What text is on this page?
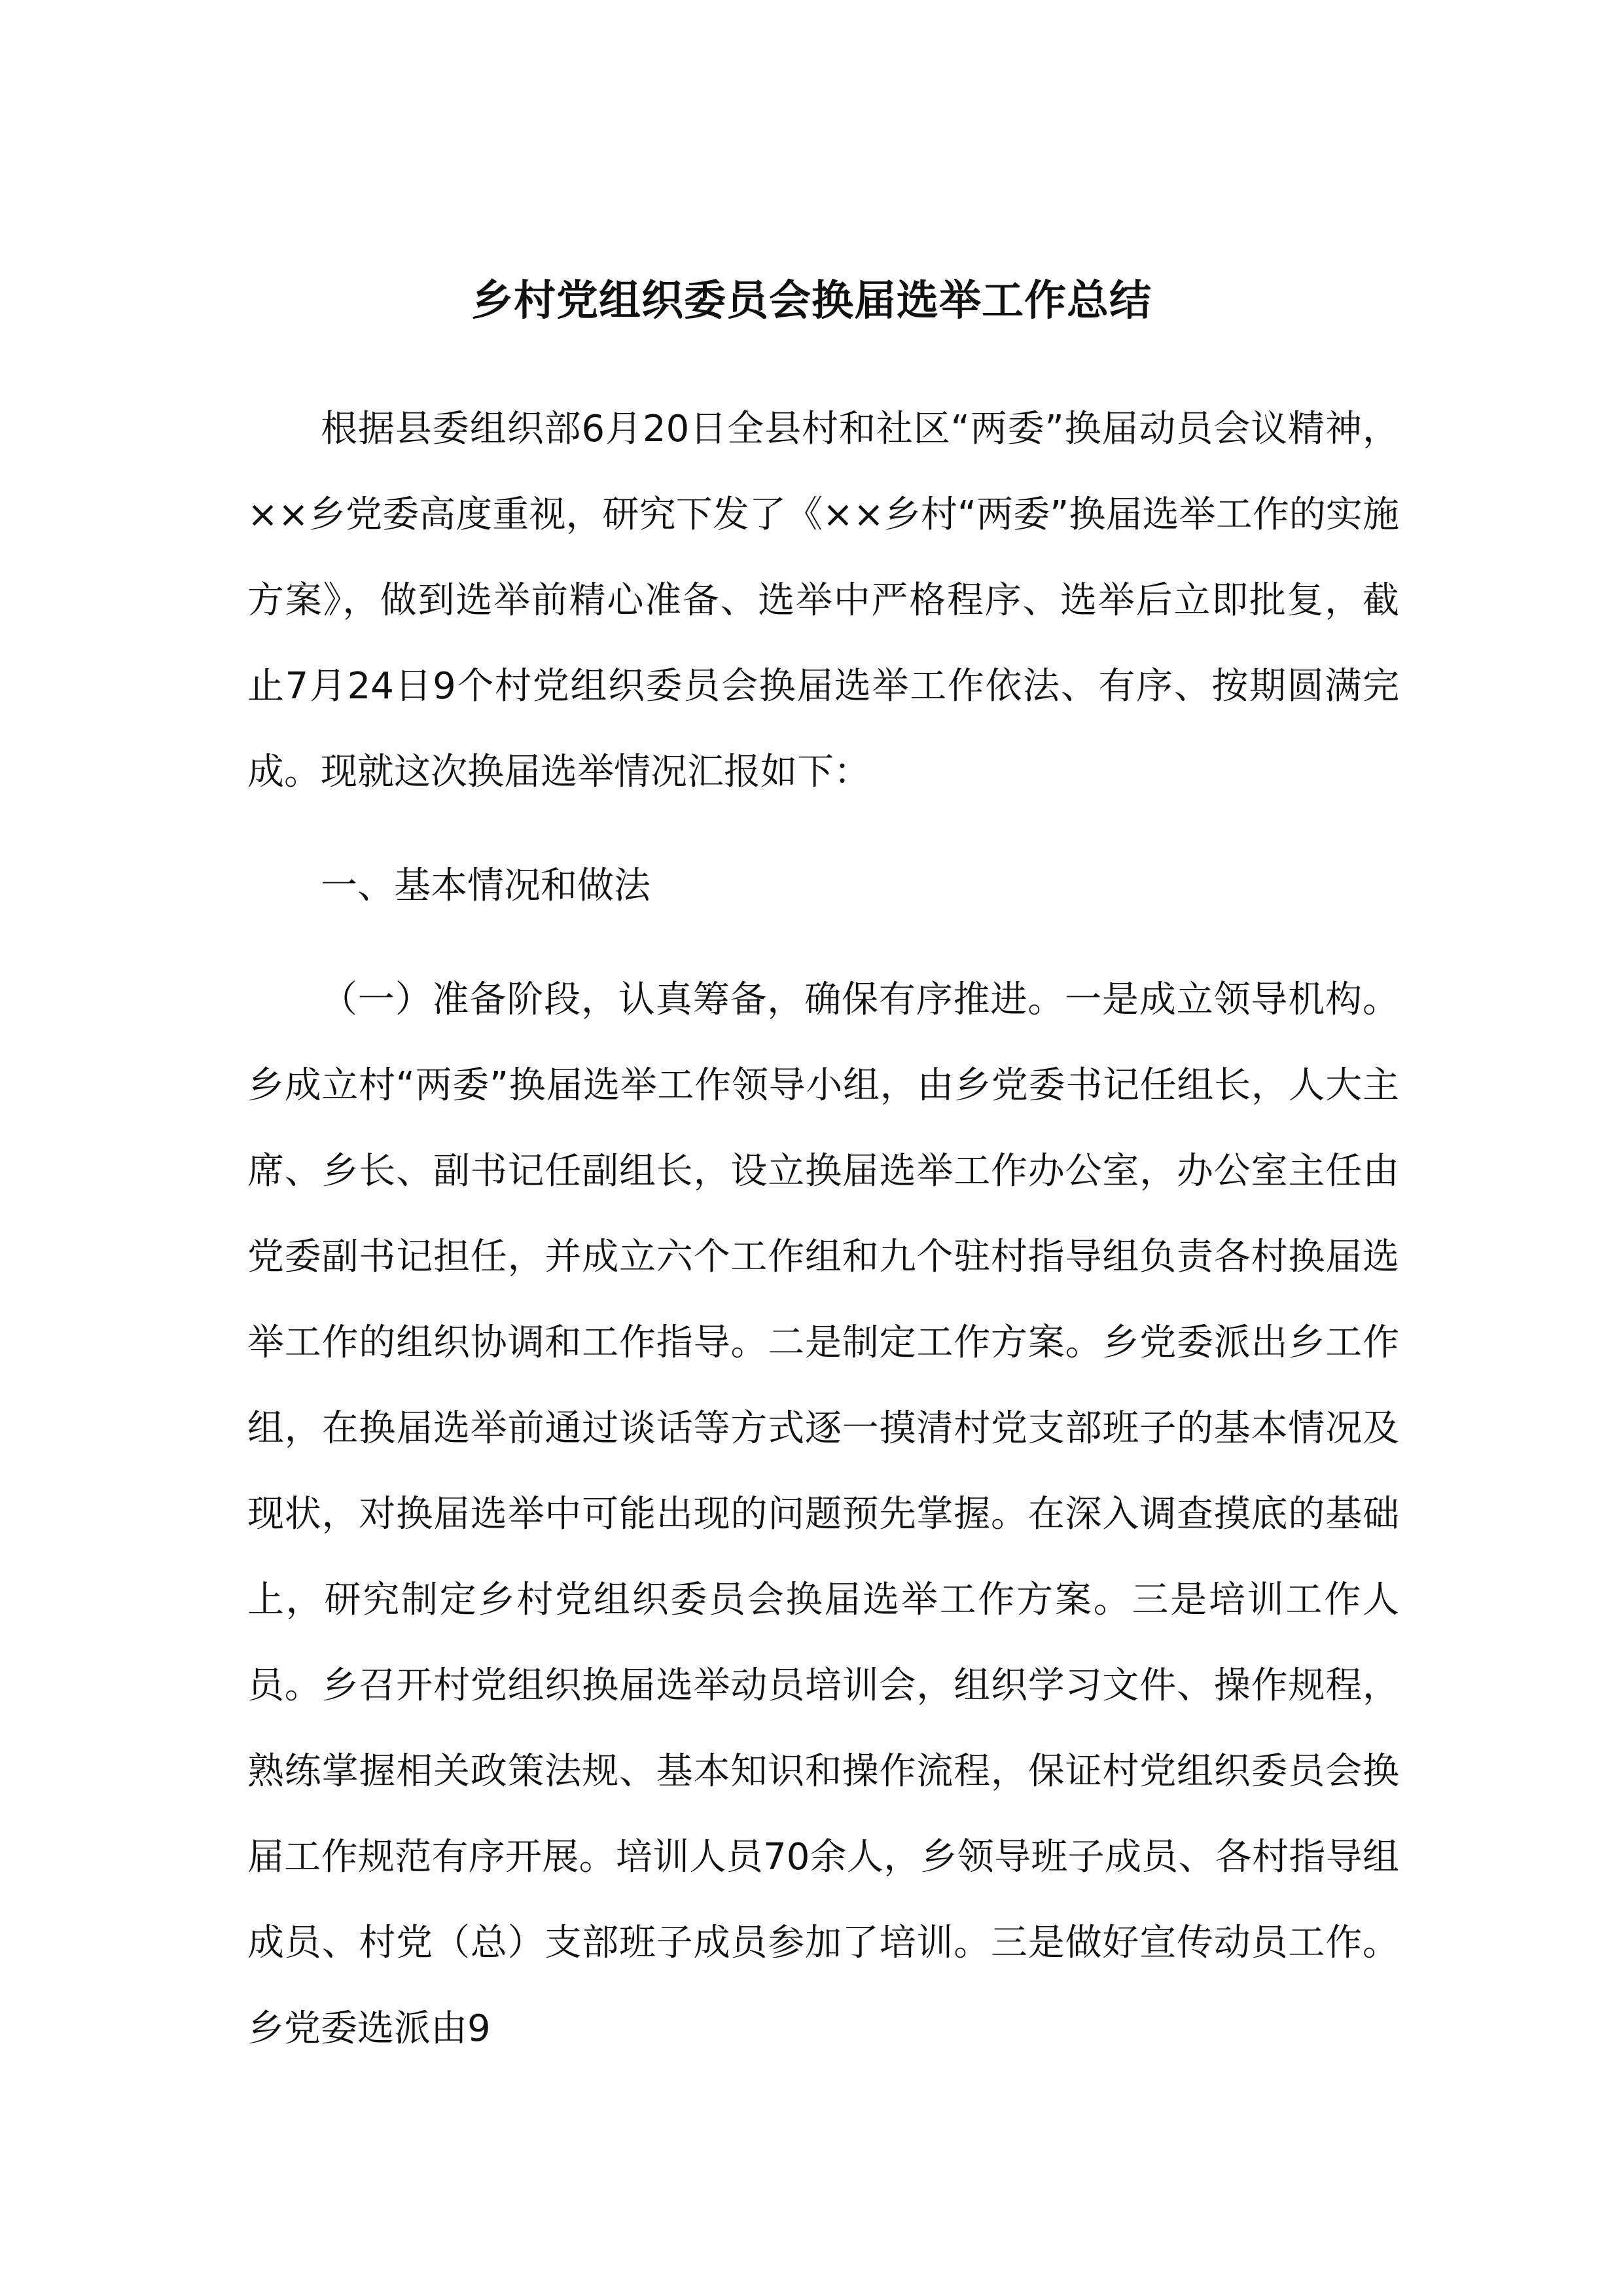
乡村党组织委员会换届选举工作总结

根据县委组织部6月20日全县村和社区“两委”换届动员会议精神，××乡党委高度重视，研究下发了《××乡村“两委”换届选举工作的实施方案》，做到选举前精心准备、选举中严格程序、选举后立即批复，截止7月24日9个村党组织委员会换届选举工作依法、有序、按期圆满完成。现就这次换届选举情况汇报如下：

一、基本情况和做法

（一）准备阶段，认真筹备，确保有序推进。一是成立领导机构。乡成立村“两委”换届选举工作领导小组，由乡党委书记任组长，人大主席、乡长、副书记任副组长，设立换届选举工作办公室，办公室主任由党委副书记担任，并成立六个工作组和九个驻村指导组负责各村换届选举工作的组织协调和工作指导。二是制定工作方案。乡党委派出乡工作组，在换届选举前通过谈话等方式逐一摸清村党支部班子的基本情况及现状，对换届选举中可能出现的问题预先掌握。在深入调查摸底的基础上，研究制定乡村党组织委员会换届选举工作方案。三是培训工作人员。乡召开村党组织换届选举动员培训会，组织学习文件、操作规程，熟练掌握相关政策法规、基本知识和操作流程，保证村党组织委员会换届工作规范有序开展。培训人员70余人，乡领导班子成员、各村指导组成员、村党（总）支部班子成员参加了培训。三是做好宣传动员工作。乡党委选派由9
